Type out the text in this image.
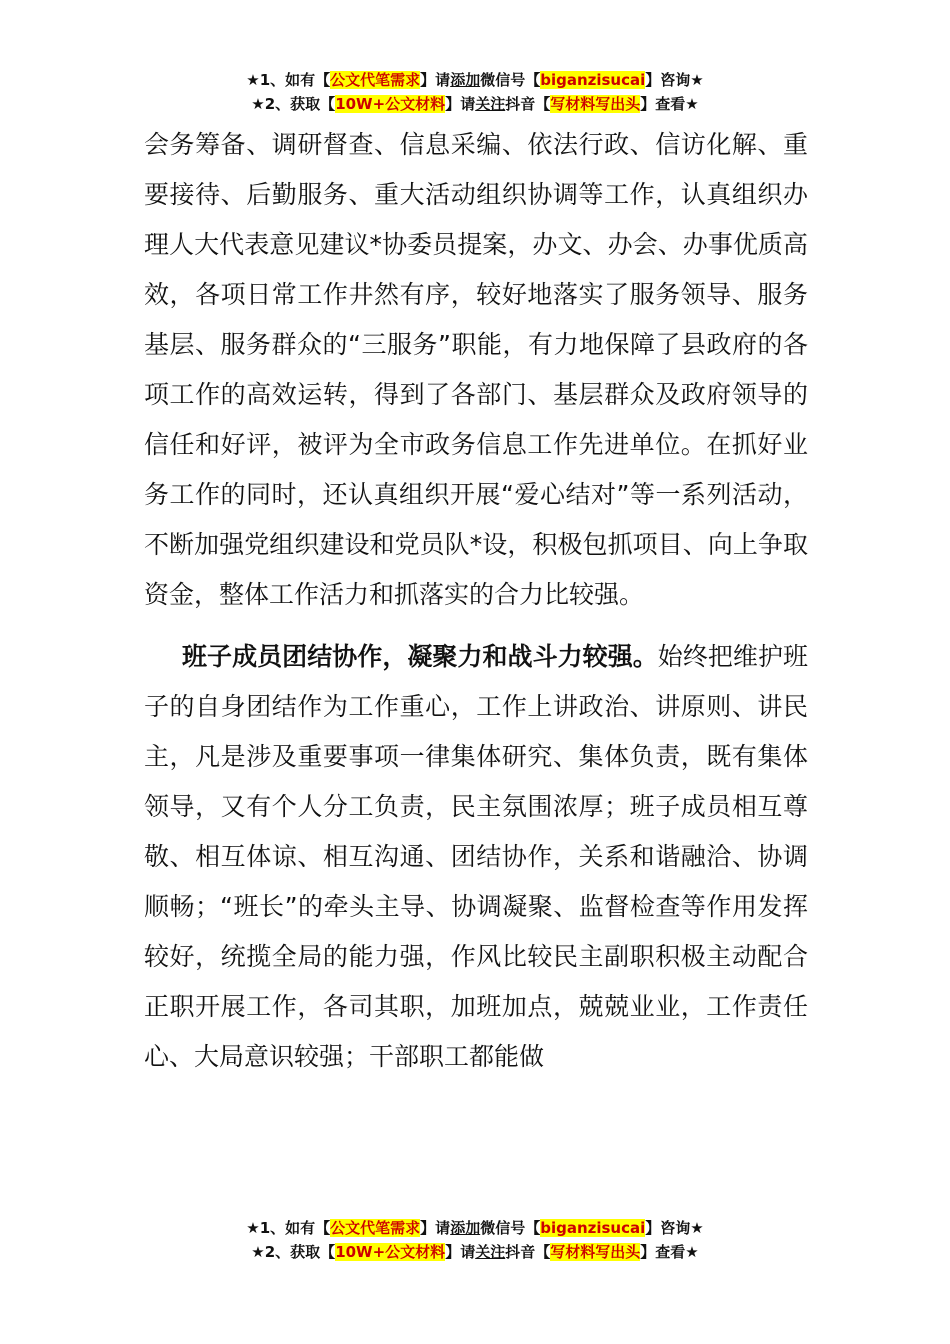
★1、如有【公文代笔需求】请添加微信号【biganzisucai】咨询★
★2、获取【10W+公文材料】请关注抖音【写材料写出头】查看★

会务筹备、调研督查、信息采编、依法行政、信访化解、重要接待、后勤服务、重大活动组织协调等工作，认真组织办理人大代表意见建议*协委员提案，办文、办会、办事优质高效，各项日常工作井然有序，较好地落实了服务领导、服务基层、服务群众的“三服务”职能，有力地保障了县政府的各项工作的高效运转，得到了各部门、基层群众及政府领导的信任和好评，被评为全市政务信息工作先进单位。在抓好业务工作的同时，还认真组织开展“爱心结对”等一系列活动，不断加强党组织建设和党员队*设，积极包抓项目、向上争取资金，整体工作活力和抓落实的合力比较强。

班子成员团结协作，凝聚力和战斗力较强。始终把维护班子的自身团结作为工作重心，工作上讲政治、讲原则、讲民主，凡是涉及重要事项一律集体研究、集体负责，既有集体领导，又有个人分工负责，民主氛围浓厚；班子成员相互尊敬、相互体谅、相互沟通、团结协作，关系和谐融洽、协调顺畅；“班长”的牵头主导、协调凝聚、监督检查等作用发挥较好，统揽全局的能力强，作风比较民主副职积极主动配合正职开展工作，各司其职，加班加点，兢兢业业，工作责任心、大局意识较强；干部职工都能做

★1、如有【公文代笔需求】请添加微信号【biganzisucai】咨询★
★2、获取【10W+公文材料】请关注抖音【写材料写出头】查看★
